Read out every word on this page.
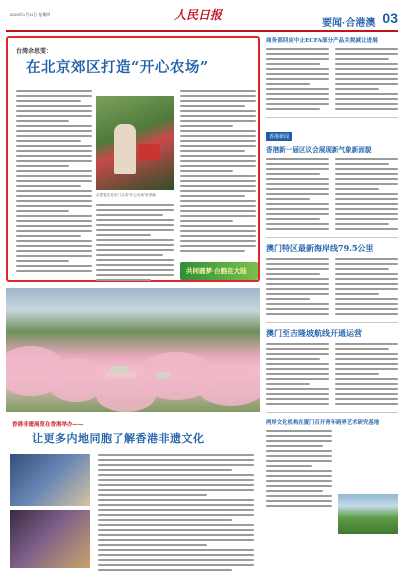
2024年1月11日 星期四	人民日报
要闻·合港澳 03
台湾余思雯：
在北京郊区打造“开心农场”

余思雯在北京门头沟“开心农场”里采摘
共同圆梦·台胞在大陆
商务部回应中止ECFA部分产品关税减让进展
香港新闻
香港新一届区议会展现新气象新面貌
澳门特区最新海岸线79.5公里
澳门至吉隆坡航线开通运营
两岸文化机构在厦门召开青年跨界艺术研究基地
香港非遗展览在香港举办——
让更多内地同胞了解香港非遗文化
